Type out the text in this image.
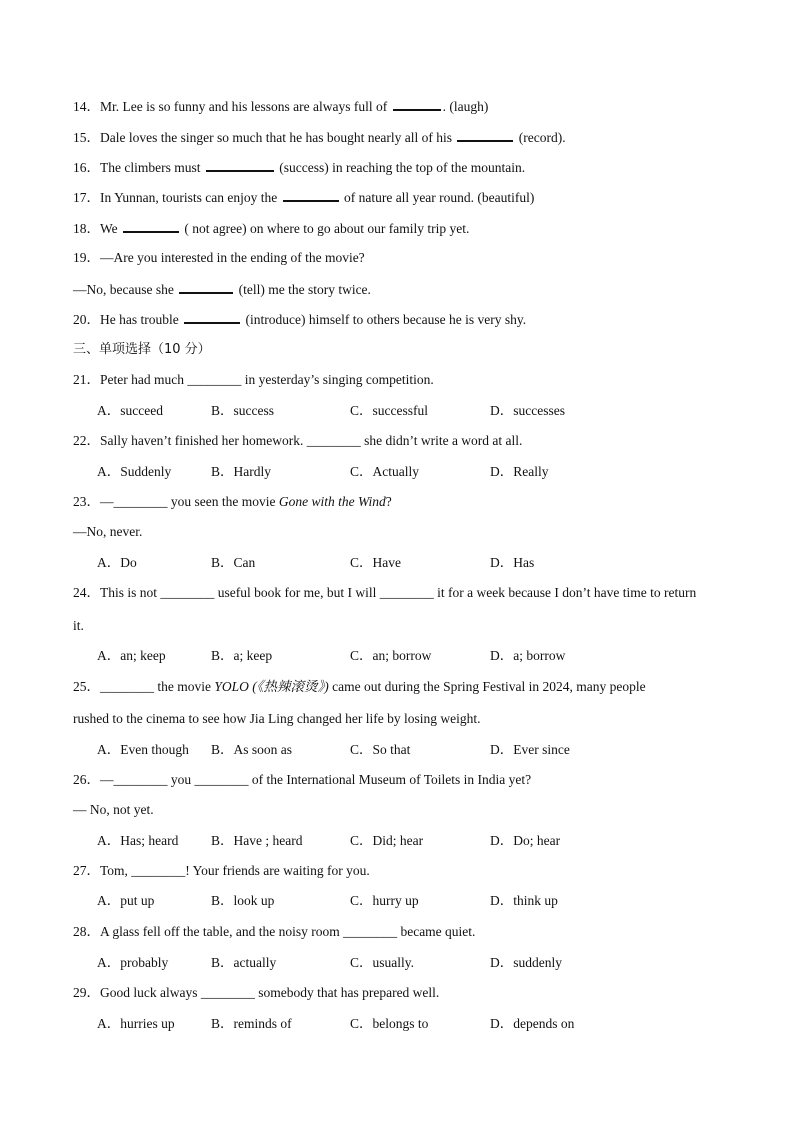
14．Mr. Lee is so funny and his lessons are always full of	. (laugh)
15．Dale loves the singer so much that he has bought nearly all of his	(record).
16．The climbers must	(success) in reaching the top of the mountain.
17．In Yunnan, tourists can enjoy the	of nature all year round. (beautiful)
18．We	( not agree) on where to go about our family trip yet.
19．—Are you interested in the ending of the movie?
—No, because she	(tell) me the story twice.
20．He has trouble	(introduce) himself to others because he is very shy.
三、单项选择（10 分）
21．Peter had much ________ in yesterday’s singing competition.
A．succeed	B．success	C．successful	D．successes
22．Sally haven’t finished her homework. ________ she didn’t write a word at all.
A．Suddenly	B．Hardly	C．Actually	D．Really
23．—________ you seen the movie Gone with the Wind?
—No, never.
A．Do	B．Can	C．Have	D．Has
24．This is not ________ useful book for me, but I will ________ it for a week because I don’t have time to return
it.
A．an; keep	B．a; keep	C．an; borrow	D．a; borrow
25．________ the movie YOLO (《热辣滚烫》) came out during the Spring Festival in 2024, many people
rushed to the cinema to see how Jia Ling changed her life by losing weight.
A．Even though B．As soon as	C．So that	D．Ever since
26．—________ you ________ of the International Museum of Toilets in India yet?
— No, not yet.
A．Has; heard B．Have ; heard	C．Did; hear	D．Do; hear
27．Tom, ________! Your friends are waiting for you.
A．put up	B．look up	C．hurry up	D．think up
28．A glass fell off the table, and the noisy room ________ became quiet.
A．probably	B．actually	C．usually.	D．suddenly
29．Good luck always ________ somebody that has prepared well.
A．hurries up	B．reminds of	C．belongs to	D．depends on
